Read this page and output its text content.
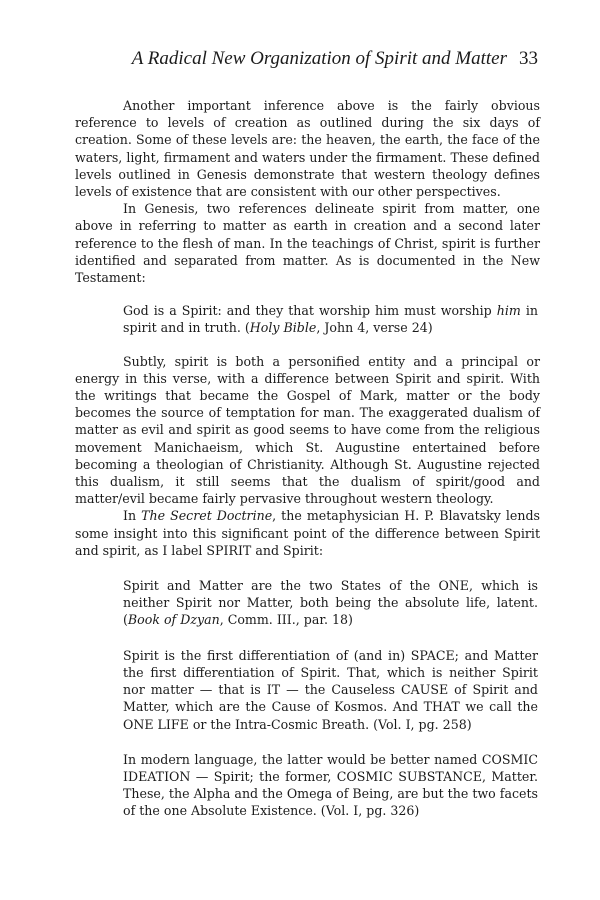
A Radical New Organization of Spirit and Matter 33

Another important inference above is the fairly obvious reference to levels of creation as outlined during the six days of creation. Some of these levels are: the heaven, the earth, the face of the waters, light, firmament and waters under the firmament. These defined levels outlined in Genesis demonstrate that western theology defines levels of existence that are consistent with our other perspectives.

In Genesis, two references delineate spirit from matter, one above in referring to matter as earth in creation and a second later reference to the flesh of man. In the teachings of Christ, spirit is further identified and separated from matter. As is documented in the New Testament:

God is a Spirit: and they that worship him must worship him in spirit and in truth. (Holy Bible, John 4, verse 24)

Subtly, spirit is both a personified entity and a principal or energy in this verse, with a difference between Spirit and spirit. With the writings that became the Gospel of Mark, matter or the body becomes the source of temptation for man. The exaggerated dualism of matter as evil and spirit as good seems to have come from the religious movement Manichaeism, which St. Augustine entertained before becoming a theologian of Christianity. Although St. Augustine rejected this dualism, it still seems that the dualism of spirit/good and matter/evil became fairly pervasive throughout western theology.

In The Secret Doctrine, the metaphysician H. P. Blavatsky lends some insight into this significant point of the difference between Spirit and spirit, as I label SPIRIT and Spirit:

Spirit and Matter are the two States of the ONE, which is neither Spirit nor Matter, both being the absolute life, latent. (Book of Dzyan, Comm. III., par. 18)

Spirit is the first differentiation of (and in) SPACE; and Matter the first differentiation of Spirit. That, which is neither Spirit nor matter — that is IT — the Causeless CAUSE of Spirit and Matter, which are the Cause of Kosmos. And THAT we call the ONE LIFE or the Intra-Cosmic Breath. (Vol. I, pg. 258)

In modern language, the latter would be better named COSMIC IDEATION — Spirit; the former, COSMIC SUBSTANCE, Matter. These, the Alpha and the Omega of Being, are but the two facets of the one Absolute Existence. (Vol. I, pg. 326)
